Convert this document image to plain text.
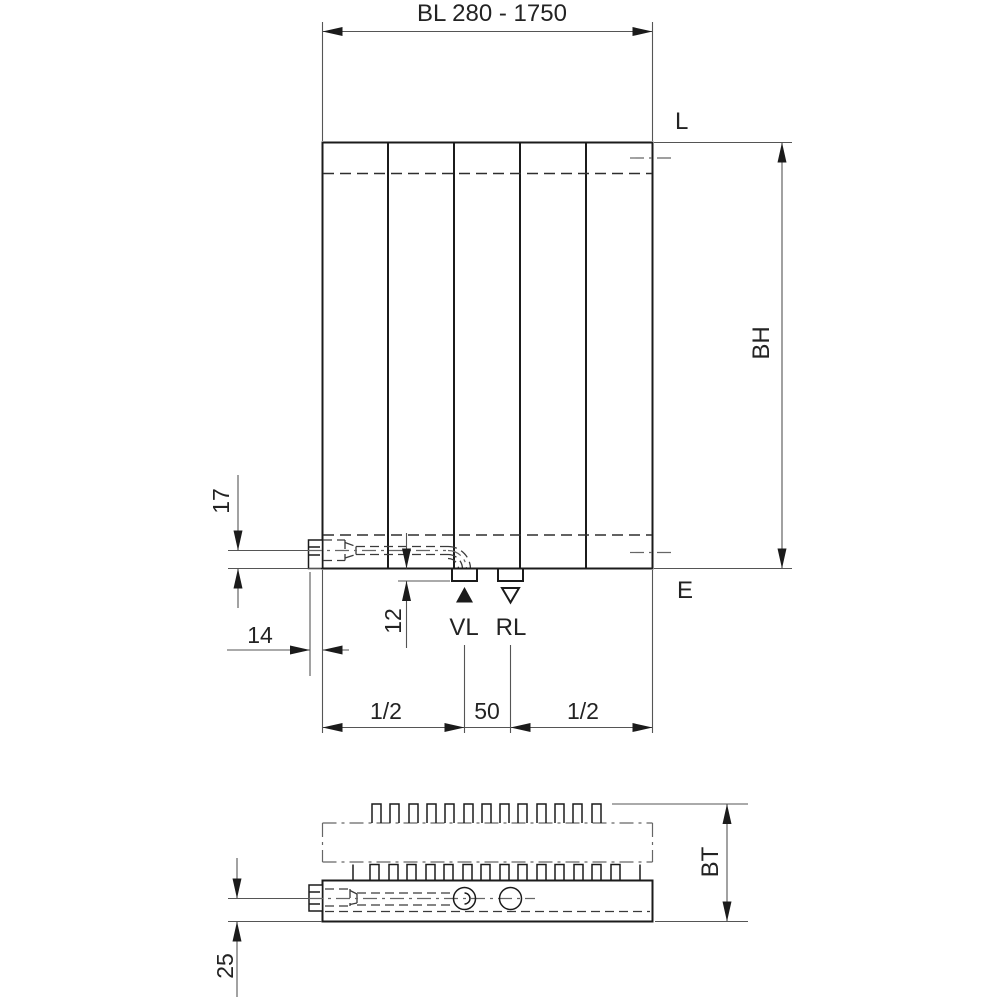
BL 280 - 1750
L
E
BH
VL RL
17
14
12
1/2	50	1/2
BT
25
